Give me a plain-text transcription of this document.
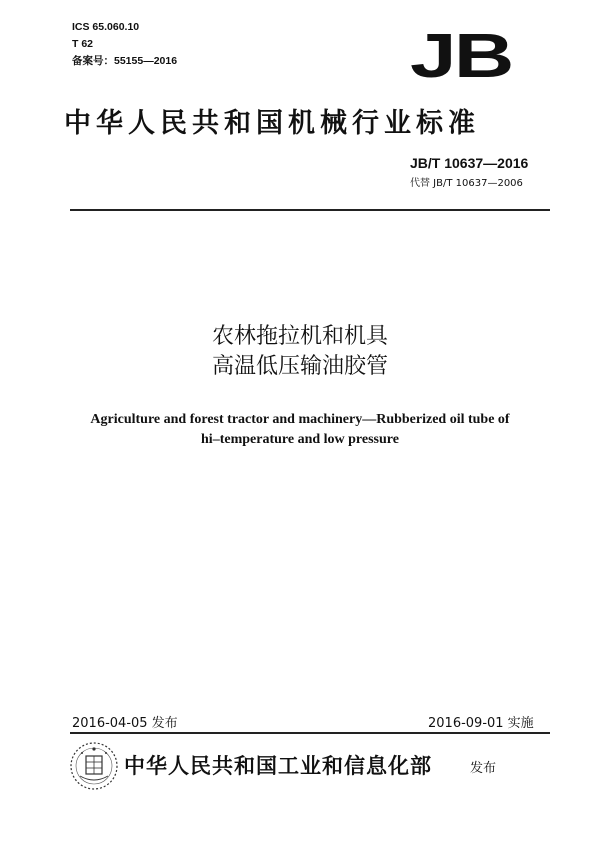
ICS 65.060.10
T 62
备案号：55155—2016	JB
中华人民共和国机械行业标准
JB/T 10637—2016
代替 JB/T 10637—2006
农林拖拉机和机具
高温低压输油胶管
Agriculture and forest tractor and machinery—Rubberized oil tube of
hi–temperature and low pressure
2016-04-05 发布	2016-09-01 实施
中华人民共和国工业和信息化部	发布
